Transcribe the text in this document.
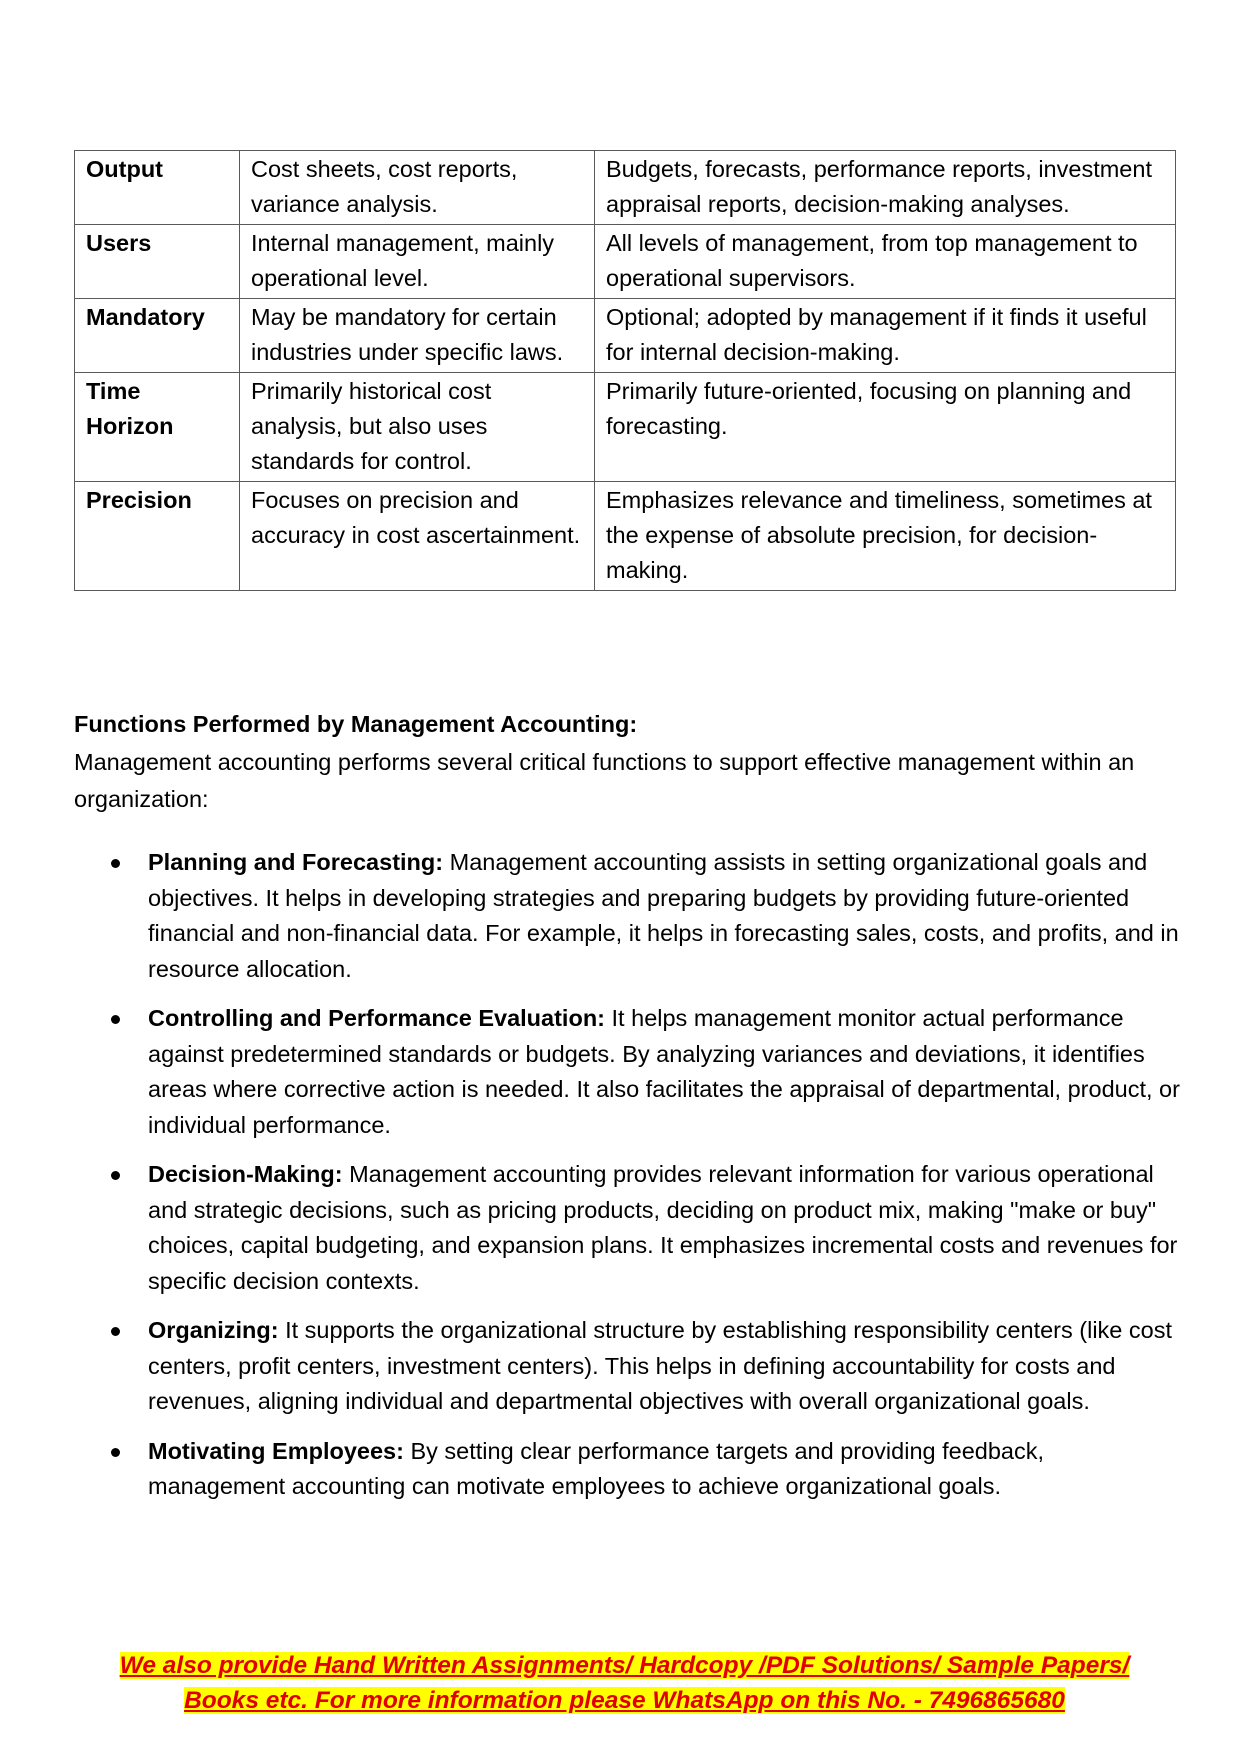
Output	Cost sheets, cost reports, variance analysis.	Budgets, forecasts, performance reports, investment appraisal reports, decision-making analyses.
Users	Internal management, mainly operational level.	All levels of management, from top management to operational supervisors.
Mandatory	May be mandatory for certain industries under specific laws.	Optional; adopted by management if it finds it useful for internal decision-making.
Time Horizon	Primarily historical cost analysis, but also uses standards for control.	Primarily future-oriented, focusing on planning and forecasting.
Precision	Focuses on precision and accuracy in cost ascertainment.	Emphasizes relevance and timeliness, sometimes at the expense of absolute precision, for decision-making.

Functions Performed by Management Accounting:

Management accounting performs several critical functions to support effective management within an organization:

Planning and Forecasting: Management accounting assists in setting organizational goals and objectives. It helps in developing strategies and preparing budgets by providing future-oriented financial and non-financial data. For example, it helps in forecasting sales, costs, and profits, and in resource allocation.
Controlling and Performance Evaluation: It helps management monitor actual performance against predetermined standards or budgets. By analyzing variances and deviations, it identifies areas where corrective action is needed. It also facilitates the appraisal of departmental, product, or individual performance.
Decision-Making: Management accounting provides relevant information for various operational and strategic decisions, such as pricing products, deciding on product mix, making "make or buy" choices, capital budgeting, and expansion plans. It emphasizes incremental costs and revenues for specific decision contexts.
Organizing: It supports the organizational structure by establishing responsibility centers (like cost centers, profit centers, investment centers). This helps in defining accountability for costs and revenues, aligning individual and departmental objectives with overall organizational goals.
Motivating Employees: By setting clear performance targets and providing feedback, management accounting can motivate employees to achieve organizational goals.
We also provide Hand Written Assignments/ Hardcopy /PDF Solutions/ Sample Papers/
Books etc. For more information please WhatsApp on this No. - 7496865680
